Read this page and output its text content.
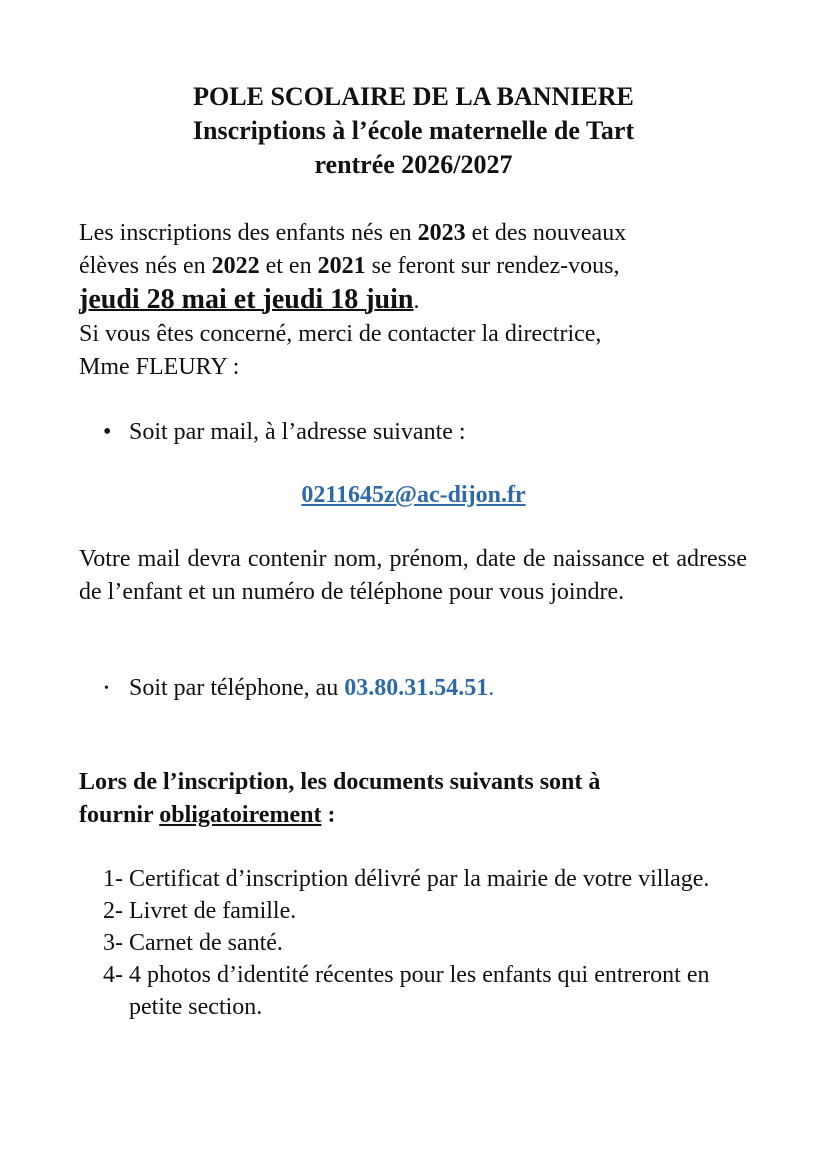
POLE SCOLAIRE DE LA BANNIERE
Inscriptions à l’école maternelle de Tart
rentrée 2026/2027
Les inscriptions des enfants nés en 2023 et des nouveaux
élèves nés en 2022 et en 2021 se feront sur rendez-vous,
jeudi 28 mai et jeudi 18 juin.
Si vous êtes concerné, merci de contacter la directrice,
Mme FLEURY :
• Soit par mail, à l’adresse suivante :
0211645z@ac-dijon.fr
Votre mail devra contenir nom, prénom, date de naissance et adresse de l’enfant et un numéro de téléphone pour vous joindre.
• Soit par téléphone, au 03.80.31.54.51.
Lors de l’inscription, les documents suivants sont à
fournir obligatoirement :
1- Certificat d’inscription délivré par la mairie de votre village.
2- Livret de famille.
3- Carnet de santé.
4- 4 photos d’identité récentes pour les enfants qui entreront en petite section.
